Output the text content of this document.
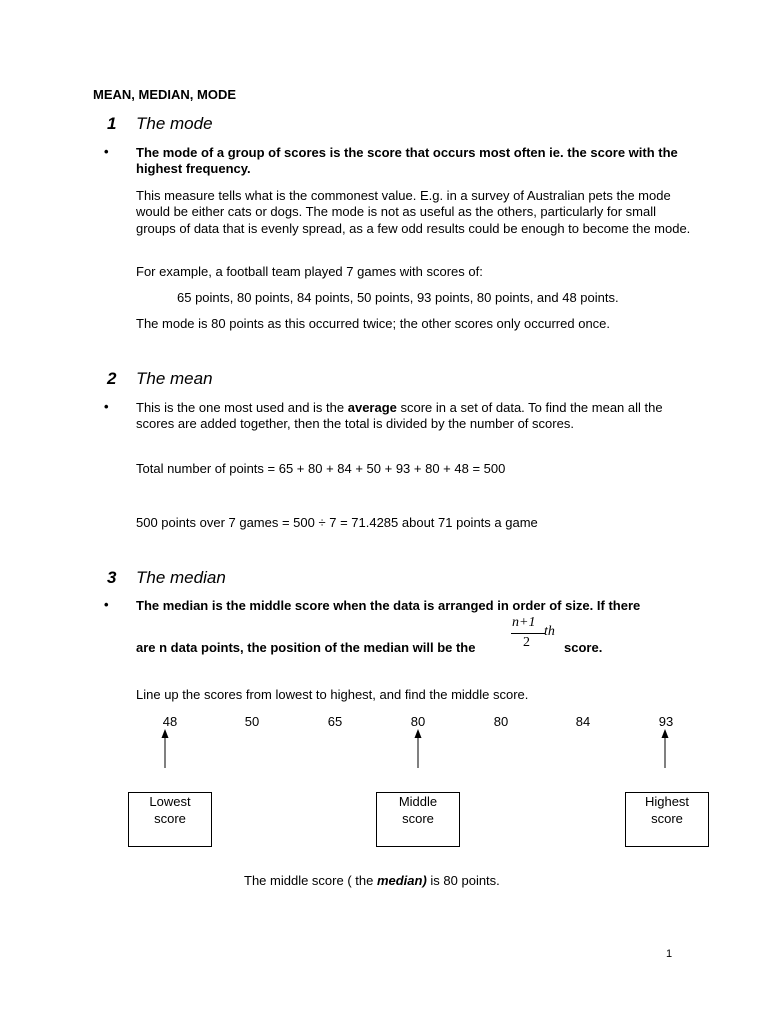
MEAN, MEDIAN, MODE
1 The mode
• The mode of a group of scores is the score that occurs most often ie. the score with the highest frequency.
This measure tells what is the commonest value. E.g. in a survey of Australian pets the mode would be either cats or dogs. The mode is not as useful as the others, particularly for small groups of data that is evenly spread, as a few odd results could be enough to become the mode.
For example, a football team played 7 games with scores of:
65 points, 80 points, 84 points, 50 points, 93 points, 80 points, and 48 points.
The mode is 80 points as this occurred twice; the other scores only occurred once.
2 The mean
• This is the one most used and is the average score in a set of data. To find the mean all the scores are added together, then the total is divided by the number of scores.
Total number of points = 65 + 80 + 84 + 50 + 93 + 80 + 48 = 500
500 points over 7 games = 500 ÷ 7 = 71.4285 about 71 points a game
3 The median
• The median is the middle score when the data is arranged in order of size. If there
are n data points, the position of the median will be the
n+1
2
th
score.
Line up the scores from lowest to highest, and find the middle score.
48	50	65	80	80	84	93
Lowest
score
Middle
score
Highest
score
The middle score ( the median) is 80 points.
1
